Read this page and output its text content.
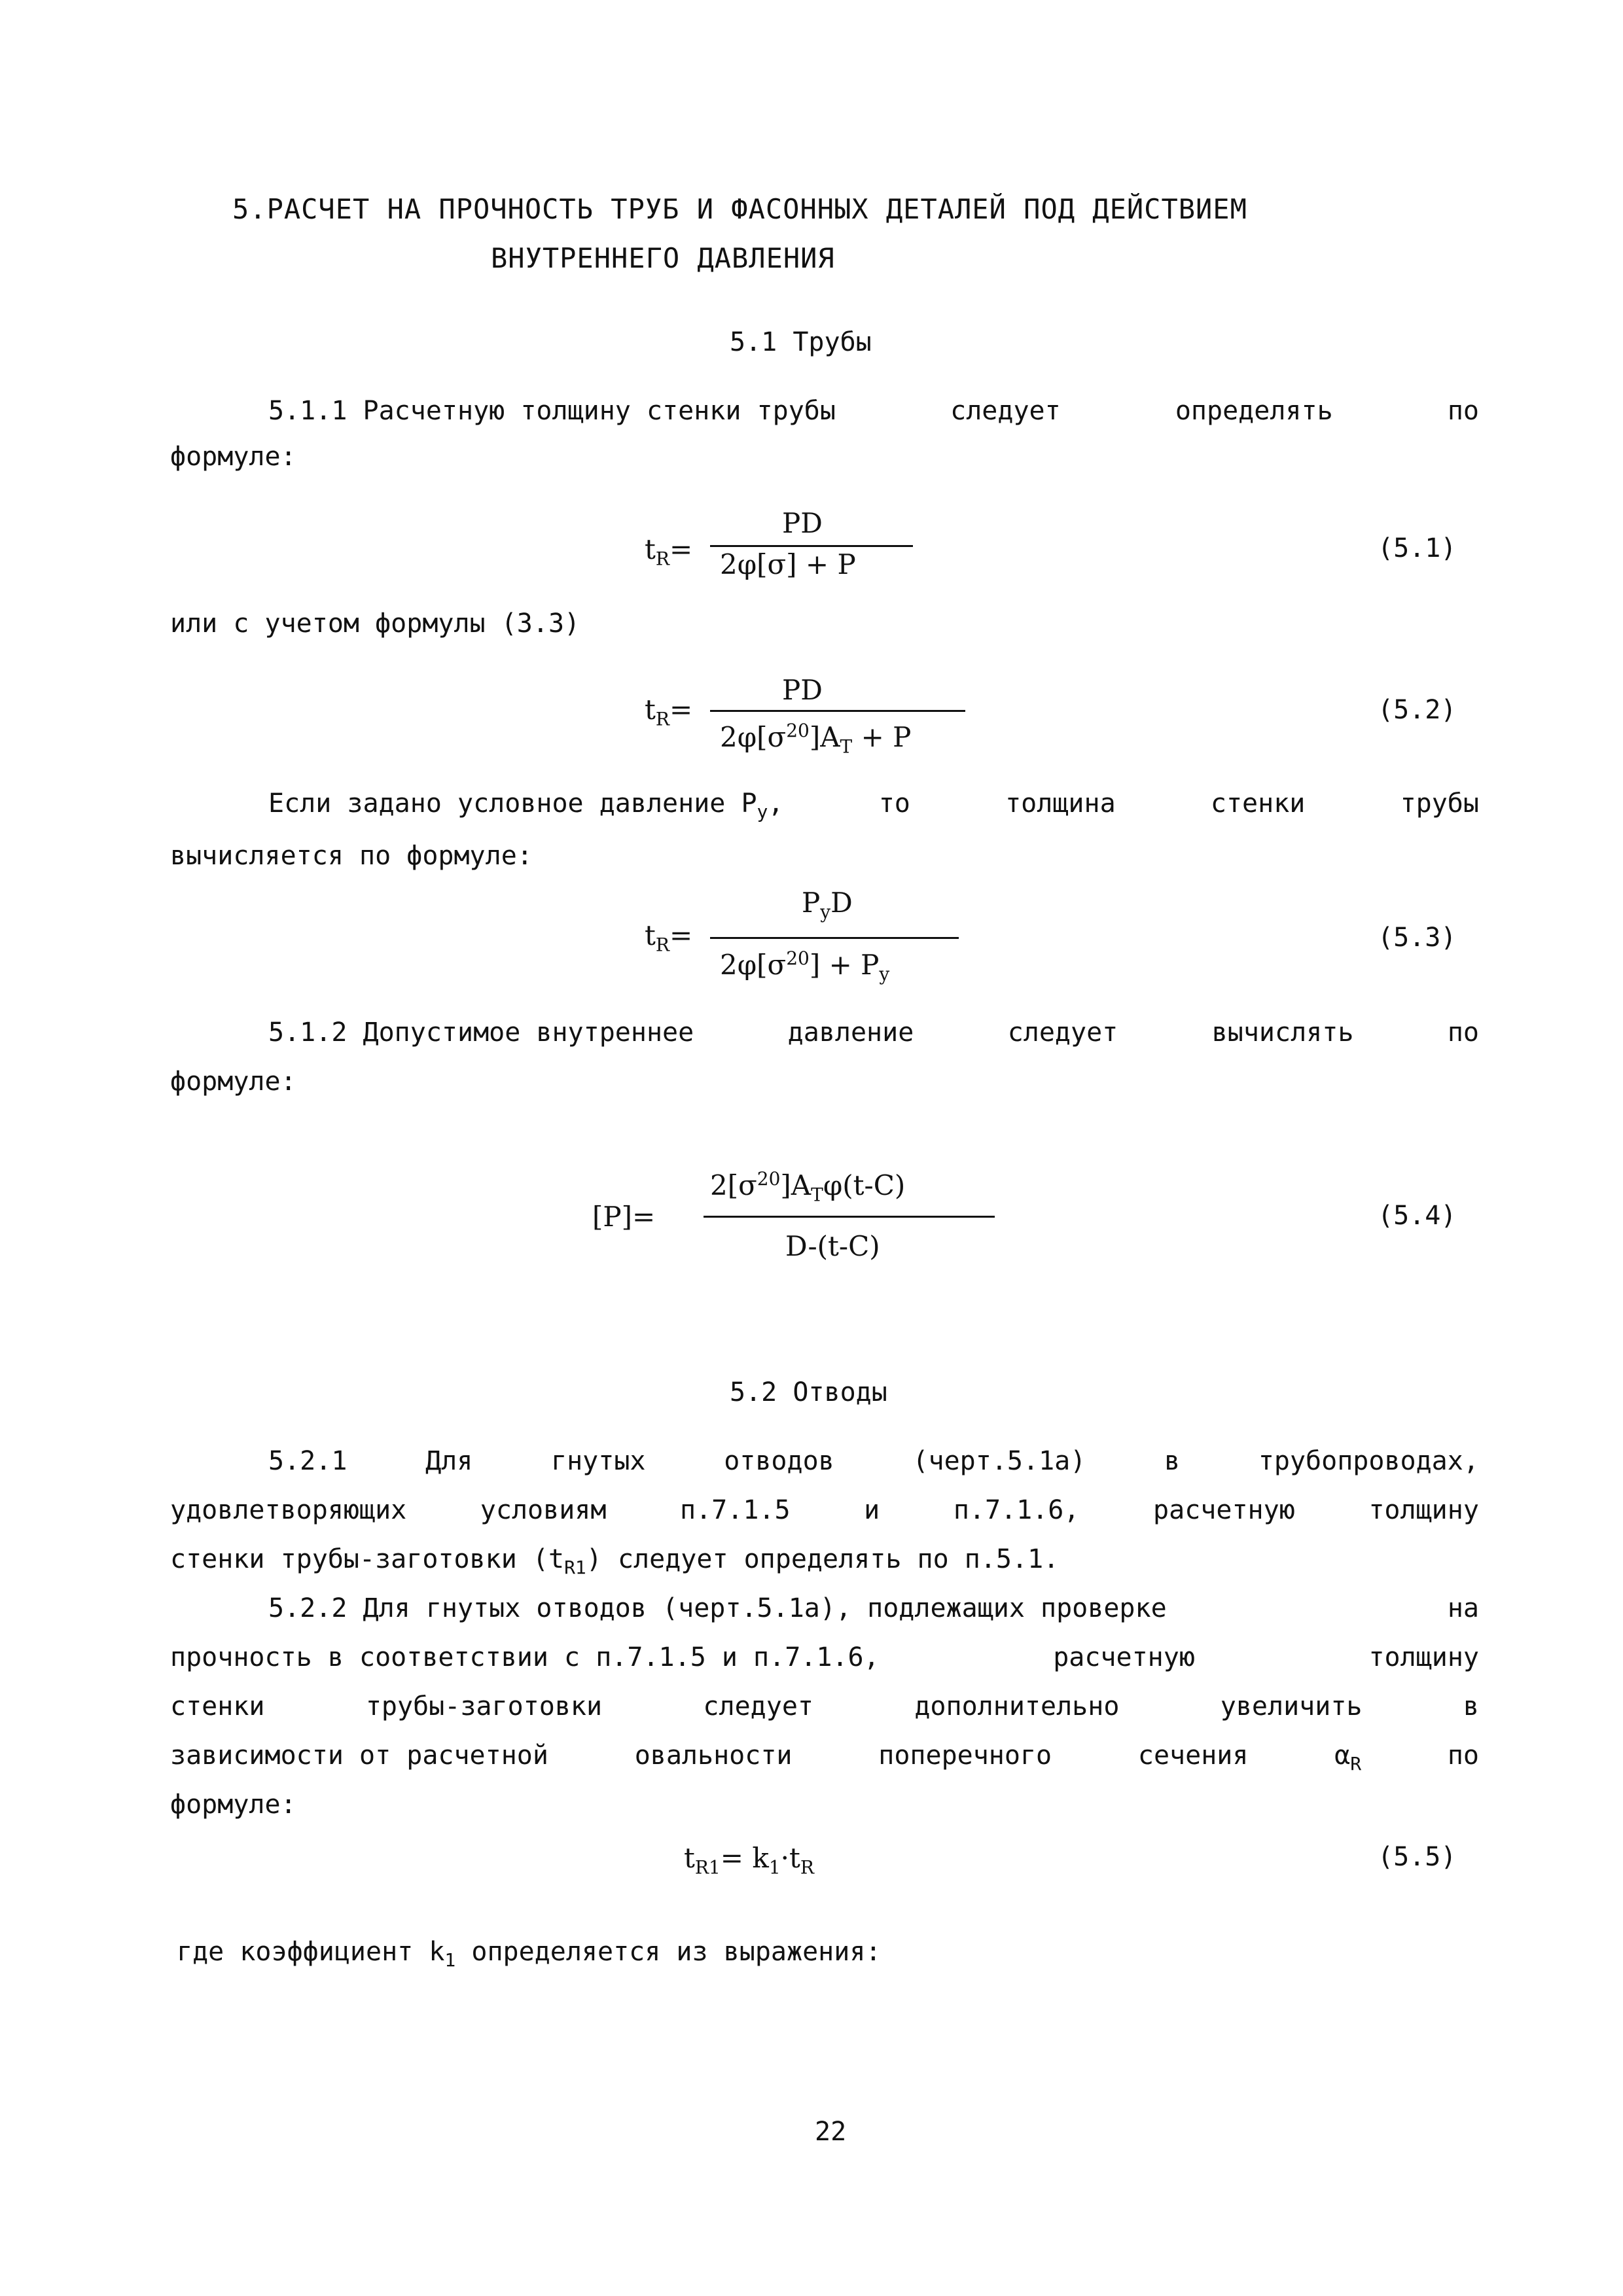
5.РАСЧЕТ НА ПРОЧНОСТЬ ТРУБ И ФАСОННЫХ ДЕТАЛЕЙ ПОД ДЕЙСТВИЕМ
ВНУТРЕННЕГО ДАВЛЕНИЯ
5.1 Трубы
5.1.1 Расчетную толщину стенки трубы	следует	определять	по
формуле:
$t_R=$
PD
2φ[σ] + P	(5.1)
или с учетом формулы (3.3)
$t_R=$
PD
$2\varphi[\sigma^{20}]A_T + P$
(5.2)
Если задано условное давление $P_y$,	то	толщина	стенки	трубы
вычисляется по формуле:
$t_R=$
$P_yD$
$2\varphi[\sigma^{20}] + P_y$
(5.3)
5.1.2 Допустимое внутреннее	давление	следует	вычислять	по
формуле:
[P]=
$2[\sigma^{20}]A_T\varphi(t-C)$
D-(t-C)
(5.4)
5.2 Отводы
5.2.1	Для	гнутых	отводов	(черт.5.1а)	в	трубопроводах,
удовлетворяющих	условиям	п.7.1.5	и	п.7.1.6,	расчетную	толщину
стенки трубы-заготовки $(t_{R1})$ следует определять по п.5.1.
5.2.2 Для гнутых отводов (черт.5.1а), подлежащих проверке	на
прочность в соответствии с п.7.1.5 и п.7.1.6,	расчетную	толщину
стенки	трубы-заготовки	следует	дополнительно	увеличить	в
зависимости от расчетной	овальности	поперечного	сечения	$\alpha_R$	по
формуле:
$t_{R1}= k_1\cdot t_R$	(5.5)
где коэффициент $k_1$ определяется из выражения:
22
